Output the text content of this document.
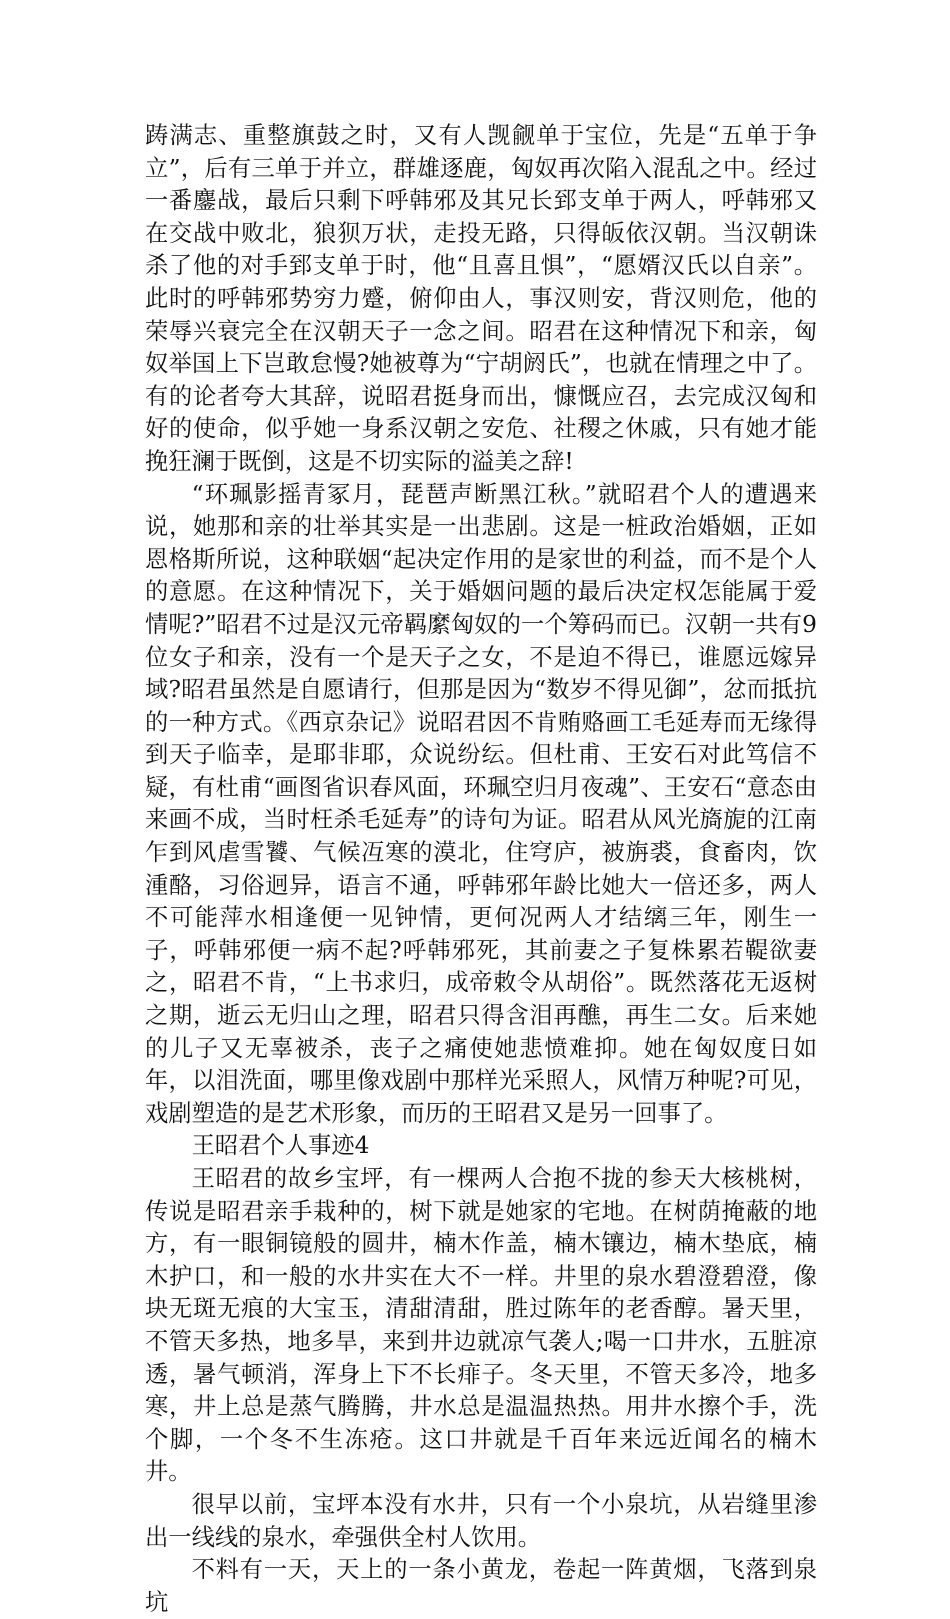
踌满志、重整旗鼓之时，又有人觊觎单于宝位，先是“五单于争立”，后有三单于并立，群雄逐鹿，匈奴再次陷入混乱之中。经过一番鏖战，最后只剩下呼韩邪及其兄长郅支单于两人，呼韩邪又在交战中败北，狼狈万状，走投无路，只得皈依汉朝。当汉朝诛杀了他的对手郅支单于时，他“且喜且惧”，“愿婿汉氏以自亲”。此时的呼韩邪势穷力蹙，俯仰由人，事汉则安，背汉则危，他的荣辱兴衰完全在汉朝天子一念之间。昭君在这种情况下和亲，匈奴举国上下岂敢怠慢?她被尊为“宁胡阏氏”，也就在情理之中了。有的论者夸大其辞，说昭君挺身而出，慷慨应召，去完成汉匈和好的使命，似乎她一身系汉朝之安危、社稷之休戚，只有她才能挽狂澜于既倒，这是不切实际的溢美之辞!

“环珮影摇青冢月，琵琶声断黑江秋。”就昭君个人的遭遇来说，她那和亲的壮举其实是一出悲剧。这是一桩政治婚姻，正如恩格斯所说，这种联姻“起决定作用的是家世的利益，而不是个人的意愿。在这种情况下，关于婚姻问题的最后决定权怎能属于爱情呢?”昭君不过是汉元帝羁縻匈奴的一个筹码而已。汉朝一共有9位女子和亲，没有一个是天子之女，不是迫不得已，谁愿远嫁异域?昭君虽然是自愿请行，但那是因为“数岁不得见御”，忿而抵抗的一种方式。《西京杂记》说昭君因不肯贿赂画工毛延寿而无缘得到天子临幸，是耶非耶，众说纷纭。但杜甫、王安石对此笃信不疑，有杜甫“画图省识春风面，环珮空归月夜魂”、王安石“意态由来画不成，当时枉杀毛延寿”的诗句为证。昭君从风光旖旎的江南乍到风虐雪饕、气候冱寒的漠北，住穹庐，被旃裘，食畜肉，饮湩酪，习俗迥异，语言不通，呼韩邪年龄比她大一倍还多，两人不可能萍水相逢便一见钟情，更何况两人才结缡三年，刚生一子，呼韩邪便一病不起?呼韩邪死，其前妻之子复株累若鞮欲妻之，昭君不肯，“上书求归，成帝敕令从胡俗”。既然落花无返树之期，逝云无归山之理，昭君只得含泪再醮，再生二女。后来她的儿子又无辜被杀，丧子之痛使她悲愤难抑。她在匈奴度日如年，以泪洗面，哪里像戏剧中那样光采照人，风情万种呢?可见，戏剧塑造的是艺术形象，而历的王昭君又是另一回事了。

王昭君个人事迹4

王昭君的故乡宝坪，有一棵两人合抱不拢的参天大核桃树，传说是昭君亲手栽种的，树下就是她家的宅地。在树荫掩蔽的地方，有一眼铜镜般的圆井，楠木作盖，楠木镶边，楠木垫底，楠木护口，和一般的水井实在大不一样。井里的泉水碧澄碧澄，像块无斑无痕的大宝玉，清甜清甜，胜过陈年的老香醇。暑天里，不管天多热，地多旱，来到井边就凉气袭人;喝一口井水，五脏凉透，暑气顿消，浑身上下不长痱子。冬天里，不管天多冷，地多寒，井上总是蒸气腾腾，井水总是温温热热。用井水擦个手，洗个脚，一个冬不生冻疮。这口井就是千百年来远近闻名的楠木井。

很早以前，宝坪本没有水井，只有一个小泉坑，从岩缝里渗出一线线的泉水，牵强供全村人饮用。

不料有一天，天上的一条小黄龙，卷起一阵黄烟，飞落到泉坑
